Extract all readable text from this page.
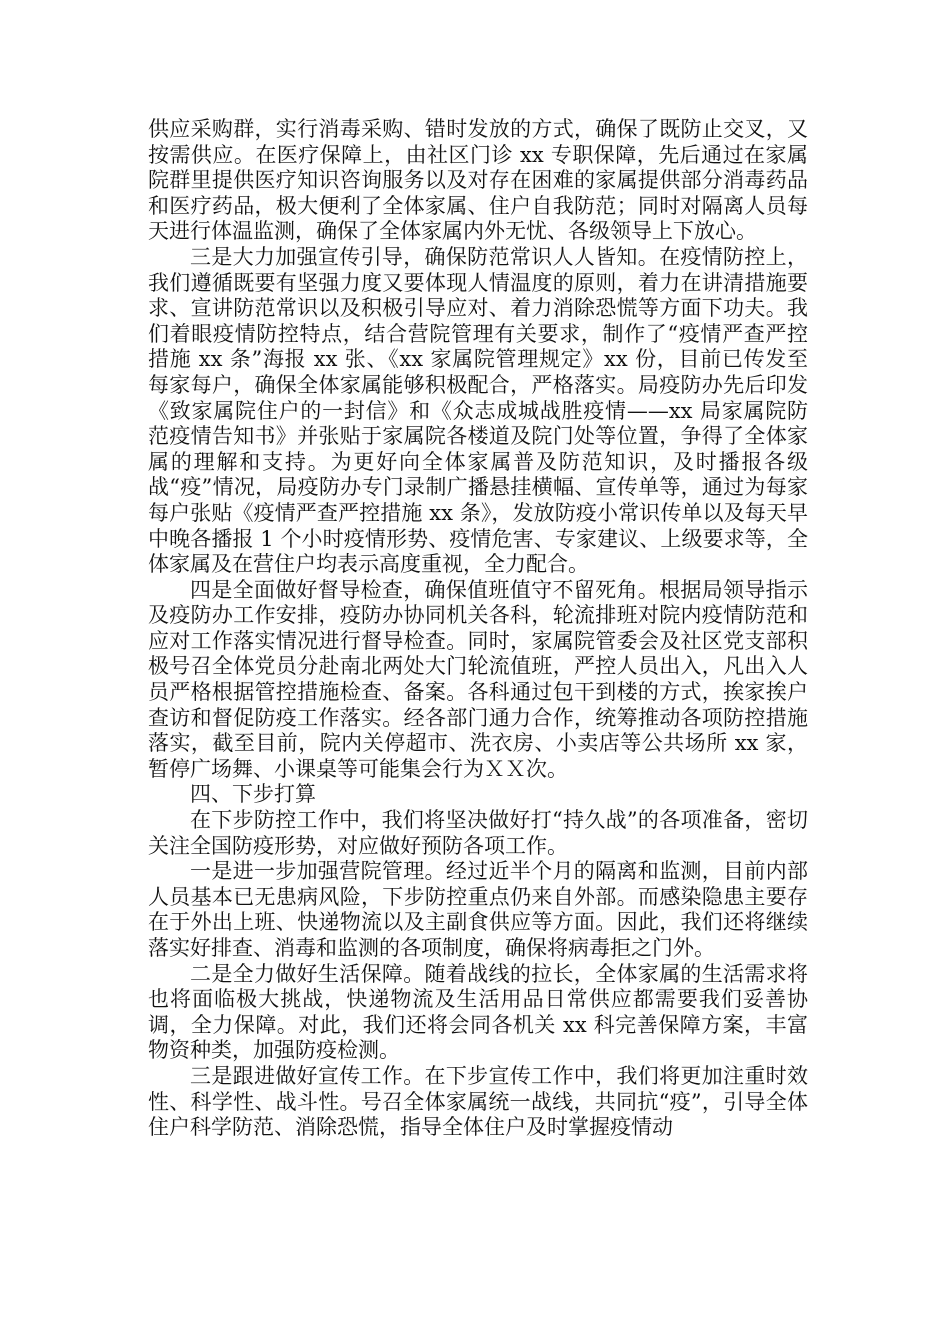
供应采购群，实行消毒采购、错时发放的方式，确保了既防止交叉，又按需供应。在医疗保障上，由社区门诊 xx 专职保障，先后通过在家属院群里提供医疗知识咨询服务以及对存在困难的家属提供部分消毒药品和医疗药品，极大便利了全体家属、住户自我防范；同时对隔离人员每天进行体温监测，确保了全体家属内外无忧、各级领导上下放心。

三是大力加强宣传引导，确保防范常识人人皆知。在疫情防控上，我们遵循既要有坚强力度又要体现人情温度的原则，着力在讲清措施要求、宣讲防范常识以及积极引导应对、着力消除恐慌等方面下功夫。我们着眼疫情防控特点，结合营院管理有关要求，制作了“疫情严查严控措施 xx 条”海报 xx 张、《xx 家属院管理规定》xx 份，目前已传发至每家每户，确保全体家属能够积极配合，严格落实。局疫防办先后印发《致家属院住户的一封信》和《众志成城战胜疫情——xx 局家属院防范疫情告知书》并张贴于家属院各楼道及院门处等位置，争得了全体家属的理解和支持。为更好向全体家属普及防范知识，及时播报各级战“疫”情况，局疫防办专门录制广播悬挂横幅、宣传单等，通过为每家每户张贴《疫情严查严控措施 xx 条》，发放防疫小常识传单以及每天早中晚各播报 1 个小时疫情形势、疫情危害、专家建议、上级要求等，全体家属及在营住户均表示高度重视，全力配合。

四是全面做好督导检查，确保值班值守不留死角。根据局领导指示及疫防办工作安排，疫防办协同机关各科，轮流排班对院内疫情防范和应对工作落实情况进行督导检查。同时，家属院管委会及社区党支部积极号召全体党员分赴南北两处大门轮流值班，严控人员出入，凡出入人员严格根据管控措施检查、备案。各科通过包干到楼的方式，挨家挨户查访和督促防疫工作落实。经各部门通力合作，统筹推动各项防控措施落实，截至目前，院内关停超市、洗衣房、小卖店等公共场所 xx 家，暂停广场舞、小课桌等可能集会行为ＸＸ次。

四、下步打算

在下步防控工作中，我们将坚决做好打“持久战”的各项准备，密切关注全国防疫形势，对应做好预防各项工作。

一是进一步加强营院管理。经过近半个月的隔离和监测，目前内部人员基本已无患病风险，下步防控重点仍来自外部。而感染隐患主要存在于外出上班、快递物流以及主副食供应等方面。因此，我们还将继续落实好排查、消毒和监测的各项制度，确保将病毒拒之门外。

二是全力做好生活保障。随着战线的拉长，全体家属的生活需求将也将面临极大挑战，快递物流及生活用品日常供应都需要我们妥善协调，全力保障。对此，我们还将会同各机关 xx 科完善保障方案，丰富物资种类，加强防疫检测。

三是跟进做好宣传工作。在下步宣传工作中，我们将更加注重时效性、科学性、战斗性。号召全体家属统一战线，共同抗“疫”，引导全体住户科学防范、消除恐慌，指导全体住户及时掌握疫情动
